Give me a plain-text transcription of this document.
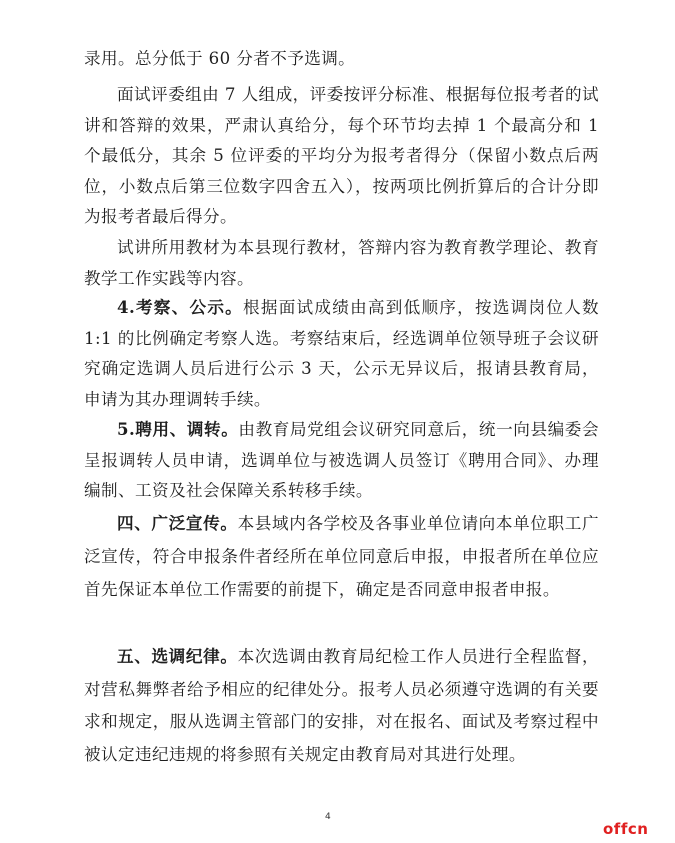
录用。总分低于 60 分者不予选调。

面试评委组由 7 人组成，评委按评分标准、根据每位报考者的试讲和答辩的效果，严肃认真给分，每个环节均去掉 1 个最高分和 1 个最低分，其余 5 位评委的平均分为报考者得分（保留小数点后两位，小数点后第三位数字四舍五入），按两项比例折算后的合计分即为报考者最后得分。

试讲所用教材为本县现行教材，答辩内容为教育教学理论、教育教学工作实践等内容。

4.考察、公示。根据面试成绩由高到低顺序，按选调岗位人数 1:1 的比例确定考察人选。考察结束后，经选调单位领导班子会议研究确定选调人员后进行公示 3 天，公示无异议后，报请县教育局，申请为其办理调转手续。

5.聘用、调转。由教育局党组会议研究同意后，统一向县编委会呈报调转人员申请，选调单位与被选调人员签订《聘用合同》、办理编制、工资及社会保障关系转移手续。

四、广泛宣传。本县域内各学校及各事业单位请向本单位职工广泛宣传，符合申报条件者经所在单位同意后申报，申报者所在单位应首先保证本单位工作需要的前提下，确定是否同意申报者申报。

五、选调纪律。本次选调由教育局纪检工作人员进行全程监督，对营私舞弊者给予相应的纪律处分。报考人员必须遵守选调的有关要求和规定，服从选调主管部门的安排，对在报名、面试及考察过程中被认定违纪违规的将参照有关规定由教育局对其进行处理。

4
offcn
